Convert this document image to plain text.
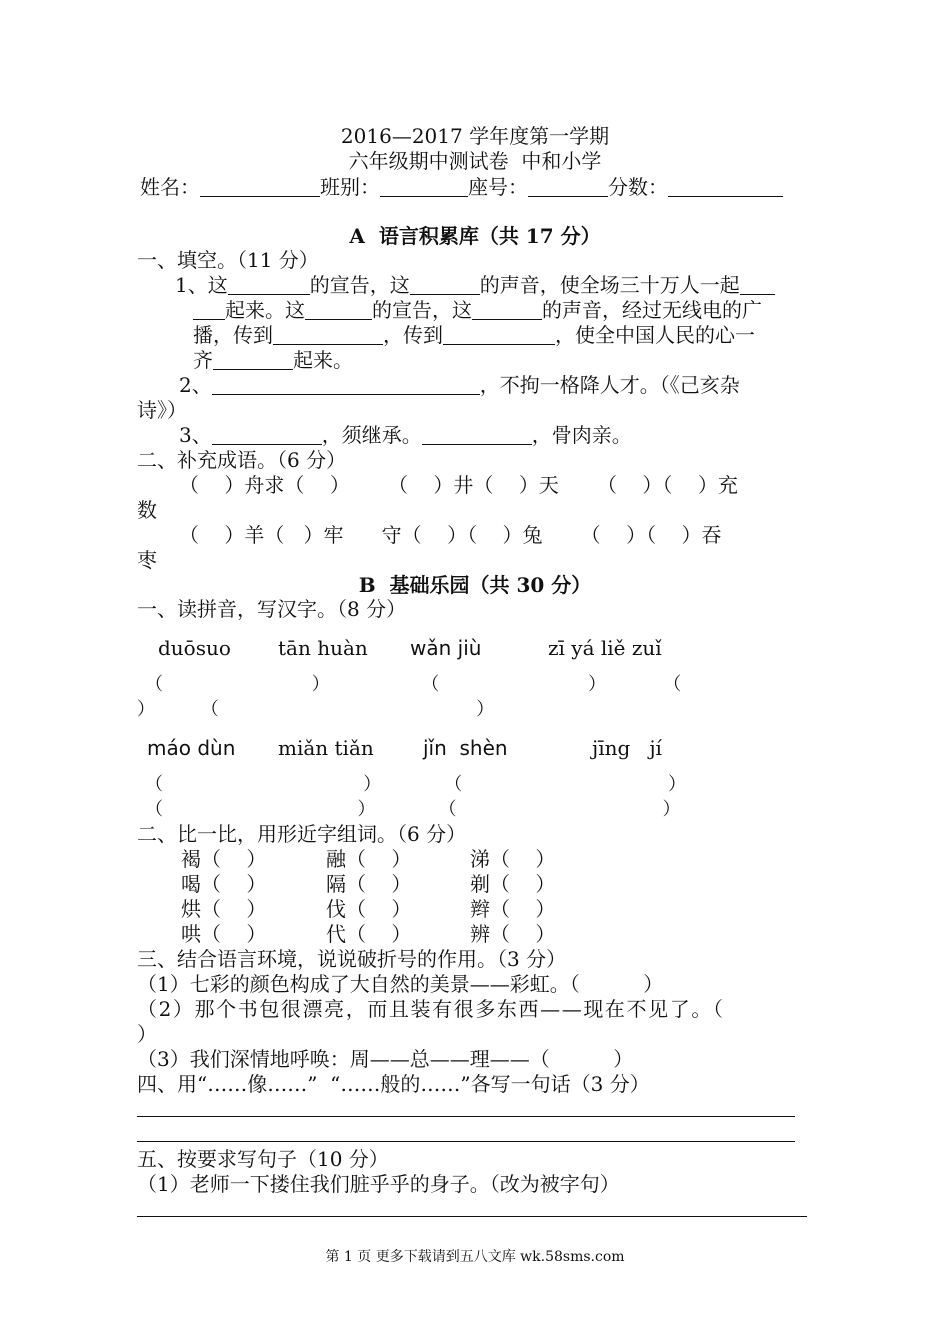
2016—2017 学年度第一学期
六年级期中测试卷  中和小学
姓名：	班别：	座号：	分数：
A  语言积累库（共 17 分）
一、填空。（11 分）
1、这	的宣告，这	的声音，使全场三十万人一起
起来。这	的宣告，这	的声音，经过无线电的广
播，传到	，传到	，使全中国人民的心一
齐	起来。
2、	，不拘一格降人才。（《己亥杂
诗》）
3、	，须继承。	，骨肉亲。
二、补充成语。（6 分）
（    ）舟求（    ）      （    ）井（    ）天      （    ）（    ）充
数
（    ）羊（   ）牢      守（    ）（    ）兔      （    ）（    ）吞
枣
B  基础乐园（共 30 分）
一、读拼音，写汉字。（8 分）
duōsuo tān huàn wǎn jiù	zī yá liě zuǐ
（                          ）                （                          ）          （
）        （                                             ）
máo dùn miǎn tiǎn jǐn  shèn	jīng   jí
（                                   ）           （                                    ）
（                                  ）           （                                    ）
二、比一比，用形近字组词。（6 分）
褐（    ）	融（    ）	涕（    ）
喝（    ）	隔（    ）	剃（    ）
烘（    ）	伐（    ）	辫（    ）
哄（    ）	代（    ）	辨（    ）
三、结合语言环境，说说破折号的作用。（3 分）
（1）七彩的颜色构成了大自然的美景——彩虹。（          ）
（2）那个书包很漂亮，而且装有很多东西——现在不见了。（
）
（3）我们深情地呼唤：周——总——理——（          ）
四、用“……像……”  “……般的……”各写一句话（3 分）
五、按要求写句子（10 分）
（1）老师一下搂住我们脏乎乎的身子。（改为被字句）
第 1 页 更多下载请到五八文库 wk.58sms.com
